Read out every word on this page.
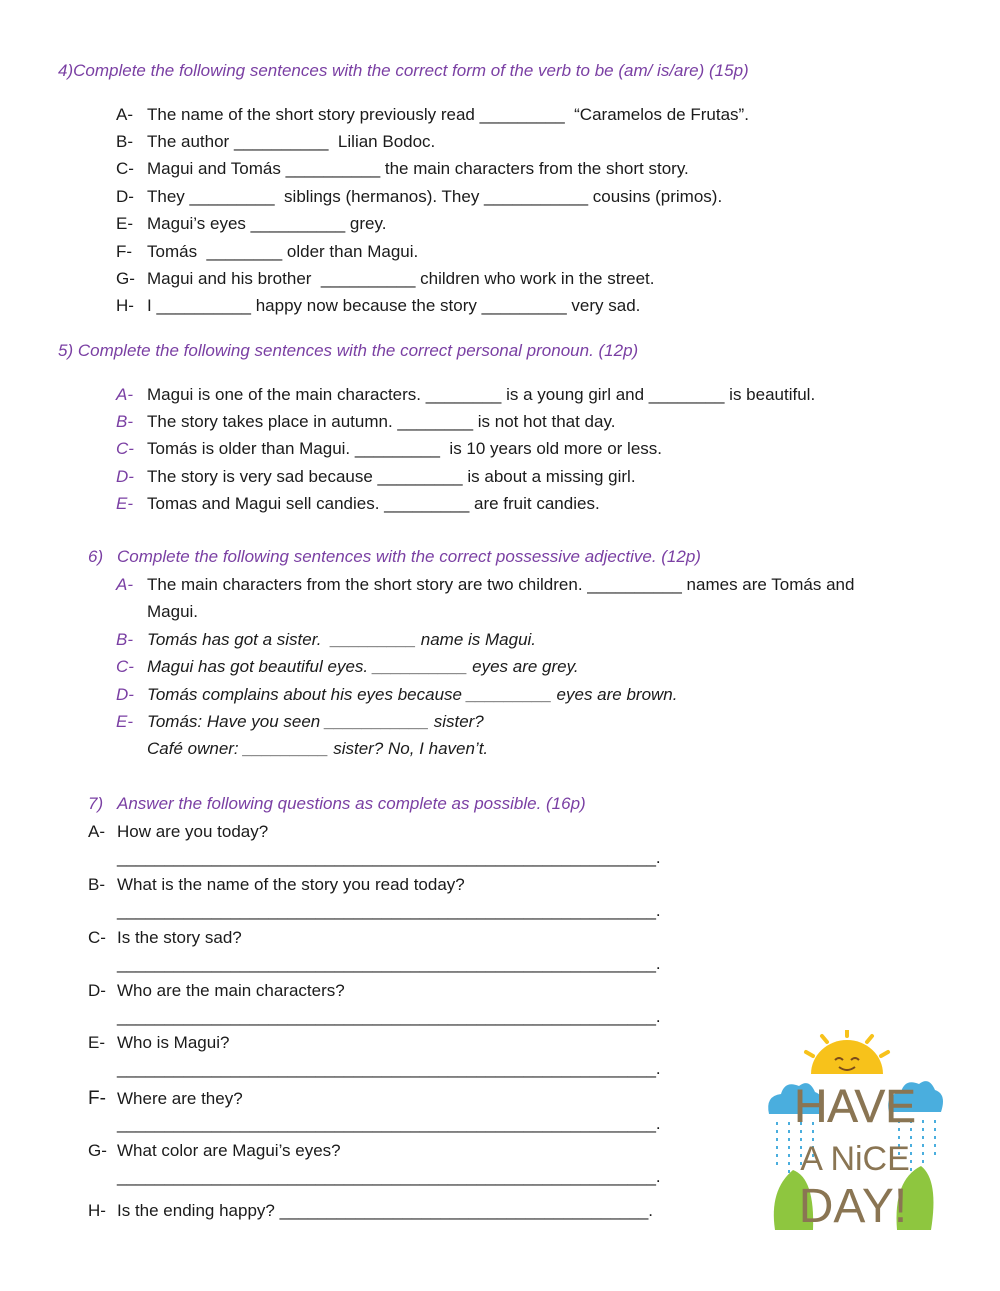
4)Complete the following sentences with the correct form of the verb to be (am/ is/are) (15p)
A- The name of the short story previously read _________  “Caramelos de Frutas”.
B- The author __________  Lilian Bodoc.
C- Magui and Tomás __________ the main characters from the short story.
D- They _________  siblings (hermanos). They ___________ cousins (primos).
E- Magui’s eyes __________ grey.
F- Tomás  ________ older than Magui.
G- Magui and his brother  __________ children who work in the street.
H- I __________ happy now because the story _________ very sad.
5) Complete the following sentences with the correct personal pronoun. (12p)
A- Magui is one of the main characters. ________ is a young girl and ________ is beautiful.
B- The story takes place in autumn. ________ is not hot that day.
C- Tomás is older than Magui. _________  is 10 years old more or less.
D- The story is very sad because _________ is about a missing girl.
E- Tomas and Magui sell candies. _________ are fruit candies.
6) Complete the following sentences with the correct possessive adjective. (12p)
A- The main characters from the short story are two children. __________ names are Tomás and
Magui.
B- Tomás has got a sister.  _________ name is Magui.
C- Magui has got beautiful eyes. __________ eyes are grey.
D- Tomás complains about his eyes because _________ eyes are brown.
E- Tomás: Have you seen ___________ sister?
Café owner: _________ sister? No, I haven’t.
7) Answer the following questions as complete as possible. (16p)
A- How are you today?
_________________________________________________________.
B- What is the name of the story you read today?
_________________________________________________________.
C- Is the story sad?
_________________________________________________________.
D- Who are the main characters?
_________________________________________________________.
E- Who is Magui?
_________________________________________________________.
F- Where are they?
_________________________________________________________.
G- What color are Magui’s eyes?
_________________________________________________________.
H- Is the ending happy? _______________________________________.
HAVE
A NiCE
DAY!
